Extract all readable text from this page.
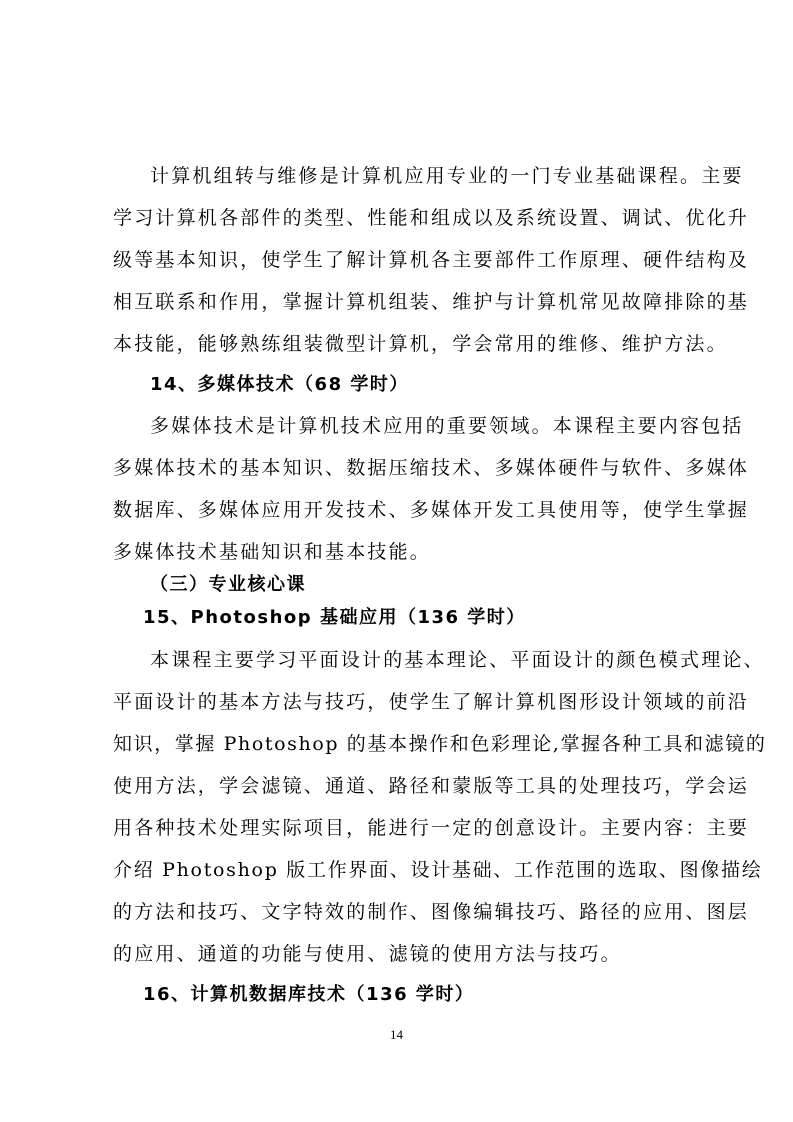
计算机组转与维修是计算机应用专业的一门专业基础课程。主要
学习计算机各部件的类型、性能和组成以及系统设置、调试、优化升
级等基本知识，使学生了解计算机各主要部件工作原理、硬件结构及
相互联系和作用，掌握计算机组装、维护与计算机常见故障排除的基
本技能，能够熟练组装微型计算机，学会常用的维修、维护方法。
14、多媒体技术（68 学时）
多媒体技术是计算机技术应用的重要领域。本课程主要内容包括
多媒体技术的基本知识、数据压缩技术、多媒体硬件与软件、多媒体
数据库、多媒体应用开发技术、多媒体开发工具使用等，使学生掌握
多媒体技术基础知识和基本技能。
（三）专业核心课
15、Photoshop 基础应用（136 学时）
本课程主要学习平面设计的基本理论、平面设计的颜色模式理论、
平面设计的基本方法与技巧，使学生了解计算机图形设计领域的前沿
知识，掌握 Photoshop 的基本操作和色彩理论,掌握各种工具和滤镜的
使用方法，学会滤镜、通道、路径和蒙版等工具的处理技巧，学会运
用各种技术处理实际项目，能进行一定的创意设计。主要内容：主要
介绍 Photoshop 版工作界面、设计基础、工作范围的选取、图像描绘
的方法和技巧、文字特效的制作、图像编辑技巧、路径的应用、图层
的应用、通道的功能与使用、滤镜的使用方法与技巧。
16、计算机数据库技术（136 学时）
14
